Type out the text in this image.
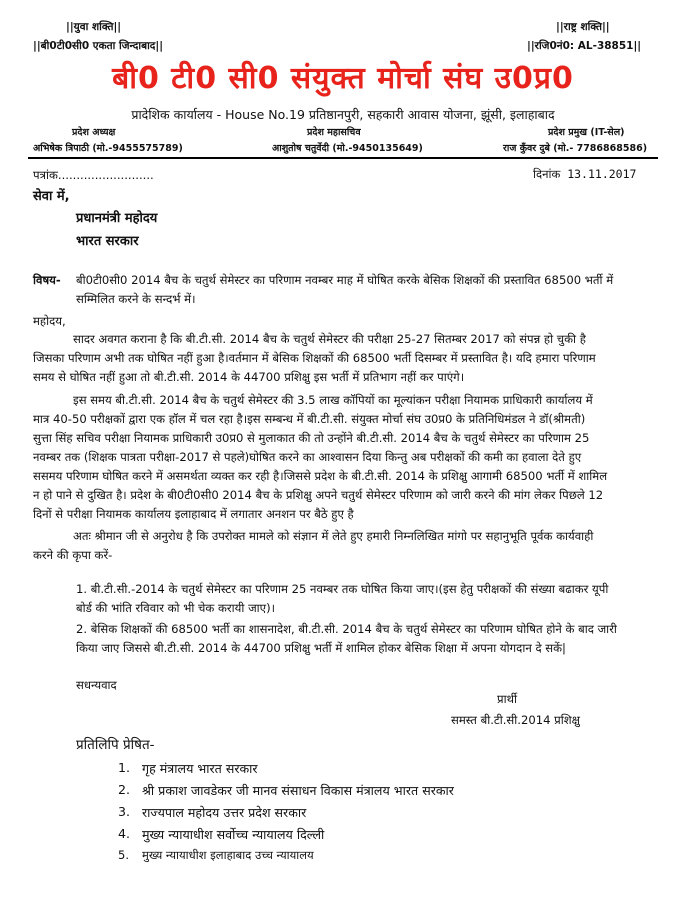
||युवा शक्ति||	||राष्ट्र शक्ति||
||बी0टी0सी0 एकता जिन्दाबाद||	||रजि0नं0: AL-38851||
बी0 टी0 सी0 संयुक्त मोर्चा संघ उ0प्र0
प्रादेशिक कार्यालय - House No.19 प्रतिष्ठानपुरी, सहकारी आवास योजना, झूंसी, इलाहाबाद
प्रदेश अध्यक्ष	प्रदेश महासचिव	प्रदेश प्रमुख (IT-सेल)
अभिषेक त्रिपाठी (मो.-9455575789)	आशुतोष चतुर्वेदी (मो.-9450135649)	राज कुँवर दुबे (मो.- 7786868586)
पत्रांक..........................	दिनांक 13.11.2017
सेवा में,
प्रधानमंत्री महोदय
भारत सरकार
विषय- बी0टी0सी0 2014 बैच के चतुर्थ सेमेस्टर का परिणाम नवम्बर माह में घोषित करके बेसिक शिक्षकों की प्रस्तावित 68500 भर्ती में
सम्मिलित करने के सन्दर्भ में।
महोदय,
सादर अवगत कराना है कि बी.टी.सी. 2014 बैच के चतुर्थ सेमेस्टर की परीक्षा 25-27 सितम्बर 2017 को संपन्न हो चुकी है
जिसका परिणाम अभी तक घोषित नहीं हुआ है।वर्तमान में बेसिक शिक्षकों की 68500 भर्ती दिसम्बर में प्रस्तावित है। यदि हमारा परिणाम
समय से घोषित नहीं हुआ तो बी.टी.सी. 2014 के 44700 प्रशिक्षु इस भर्ती में प्रतिभाग नहीं कर पाएंगे।
इस समय बी.टी.सी. 2014 बैच के चतुर्थ सेमेस्टर की 3.5 लाख कॉपियों का मूल्यांकन परीक्षा नियामक प्राधिकारी कार्यालय में
मात्र 40-50 परीक्षकों द्वारा एक हॉल में चल रहा है।इस सम्बन्ध में बी.टी.सी. संयुक्त मोर्चा संघ उ0प्र0 के प्रतिनिधिमंडल ने डॉ(श्रीमती)
सुत्ता सिंह सचिव परीक्षा नियामक प्राधिकारी उ0प्र0 से मुलाकात की तो उन्होंने बी.टी.सी. 2014 बैच के चतुर्थ सेमेस्टर का परिणाम 25
नवम्बर तक (शिक्षक पात्रता परीक्षा-2017 से पहले)घोषित करने का आश्वासन दिया किन्तु अब परीक्षकों की कमी का हवाला देते हुए
ससमय परिणाम घोषित करने में असमर्थता व्यक्त कर रही है।जिससे प्रदेश के बी.टी.सी. 2014 के प्रशिक्षु आगामी 68500 भर्ती में शामिल
न हो पाने से दुखित है। प्रदेश के बी0टी0सी0 2014 बैच के प्रशिक्षु अपने चतुर्थ सेमेस्टर परिणाम को जारी करने की मांग लेकर पिछले 12
दिनों से परीक्षा नियामक कार्यालय इलाहाबाद में लगातार अनशन पर बैठे हुए है
अतः श्रीमान जी से अनुरोध है कि उपरोक्त मामले को संज्ञान में लेते हुए हमारी निम्नलिखित मांगो पर सहानुभूति पूर्वक कार्यवाही
करने की कृपा करें-
1. बी.टी.सी.-2014 के चतुर्थ सेमेस्टर का परिणाम 25 नवम्बर तक घोषित किया जाए।(इस हेतु परीक्षकों की संख्या बढाकर यूपी
बोर्ड की भांति रविवार को भी चेक करायी जाए)।
2. बेसिक शिक्षकों की 68500 भर्ती का शासनादेश, बी.टी.सी. 2014 बैच के चतुर्थ सेमेस्टर का परिणाम घोषित होने के बाद जारी
किया जाए जिससे बी.टी.सी. 2014 के 44700 प्रशिक्षु भर्ती में शामिल होकर बेसिक शिक्षा में अपना योगदान दे सकें|
सधन्यवाद
प्रार्थी
समस्त बी.टी.सी.2014 प्रशिक्षु
प्रतिलिपि प्रेषित-
1. गृह मंत्रालय भारत सरकार
2. श्री प्रकाश जावडेकर जी मानव संसाधन विकास मंत्रालय भारत सरकार
3. राज्यपाल महोदय उत्तर प्रदेश सरकार
4. मुख्य न्यायाधीश सर्वोच्च न्यायालय दिल्ली
5. मुख्य न्यायाधीश इलाहाबाद उच्च न्यायालय
